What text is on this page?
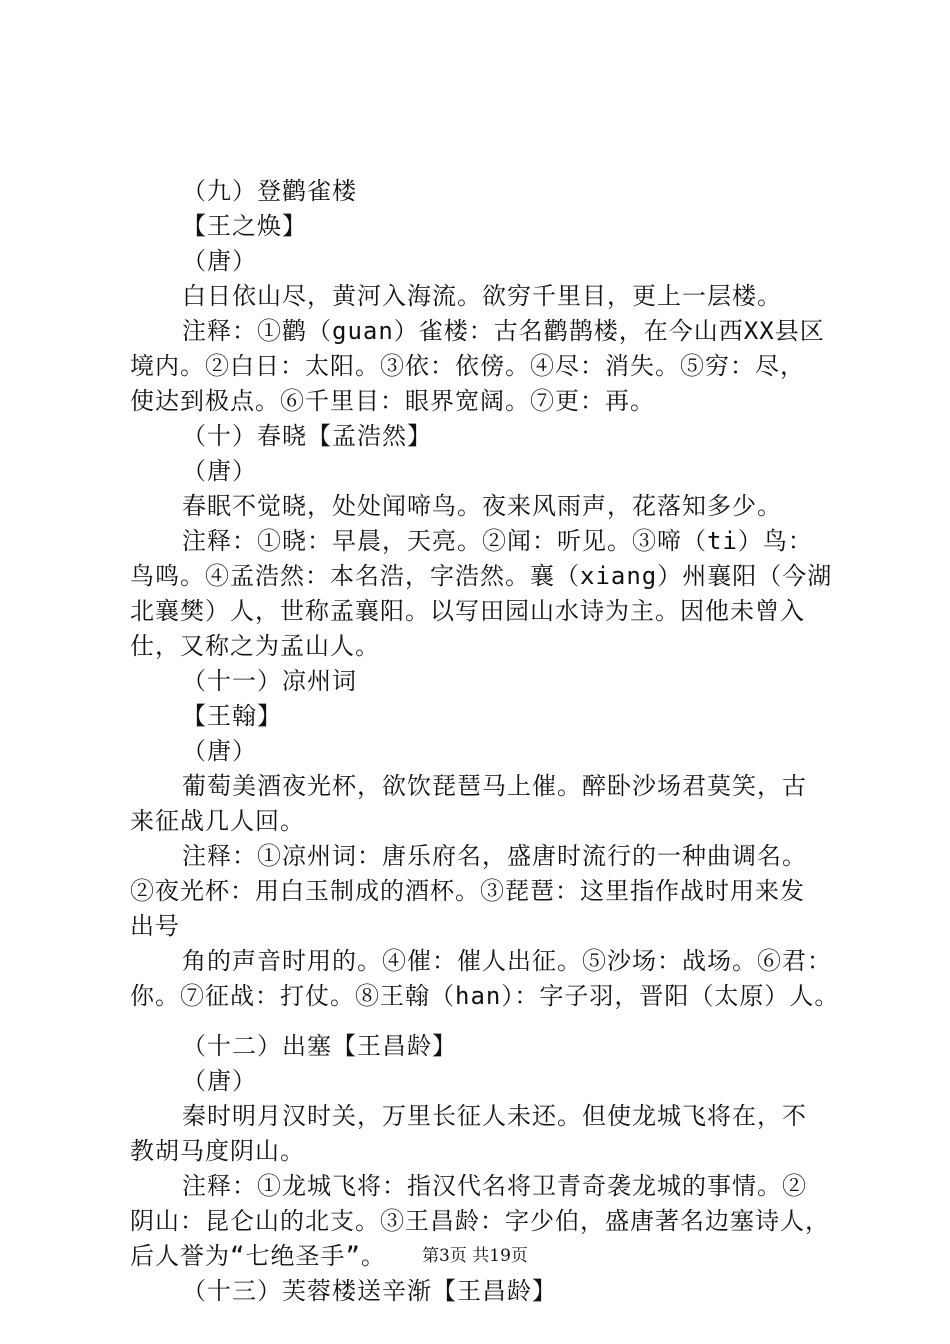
（九）登鹳雀楼
【王之焕】
（唐）
白日依山尽，黄河入海流。欲穷千里目，更上一层楼。
注释：①鹳（guan）雀楼：古名鹳鹊楼，在今山西XX县区
境内。②白日：太阳。③依：依傍。④尽：消失。⑤穷：尽，
使达到极点。⑥千里目：眼界宽阔。⑦更：再。
（十）春晓【孟浩然】
（唐）
春眠不觉晓，处处闻啼鸟。夜来风雨声，花落知多少。
注释：①晓：早晨，天亮。②闻：听见。③啼（ti）鸟：
鸟鸣。④孟浩然：本名浩，字浩然。襄（xiang）州襄阳（今湖
北襄樊）人，世称孟襄阳。以写田园山水诗为主。因他未曾入
仕，又称之为孟山人。
（十一）凉州词
【王翰】
（唐）
葡萄美酒夜光杯，欲饮琵琶马上催。醉卧沙场君莫笑，古
来征战几人回。
注释：①凉州词：唐乐府名，盛唐时流行的一种曲调名。
②夜光杯：用白玉制成的酒杯。③琵琶：这里指作战时用来发
出号
角的声音时用的。④催：催人出征。⑤沙场：战场。⑥君：
你。⑦征战：打仗。⑧王翰（han）：字子羽，晋阳（太原）人。
（十二）出塞【王昌龄】
（唐）
秦时明月汉时关，万里长征人未还。但使龙城飞将在，不
教胡马度阴山。
注释：①龙城飞将：指汉代名将卫青奇袭龙城的事情。②
阴山：昆仑山的北支。③王昌龄：字少伯，盛唐著名边塞诗人，
后人誉为“七绝圣手”。
（十三）芙蓉楼送辛渐【王昌龄】
第3页 共19页
